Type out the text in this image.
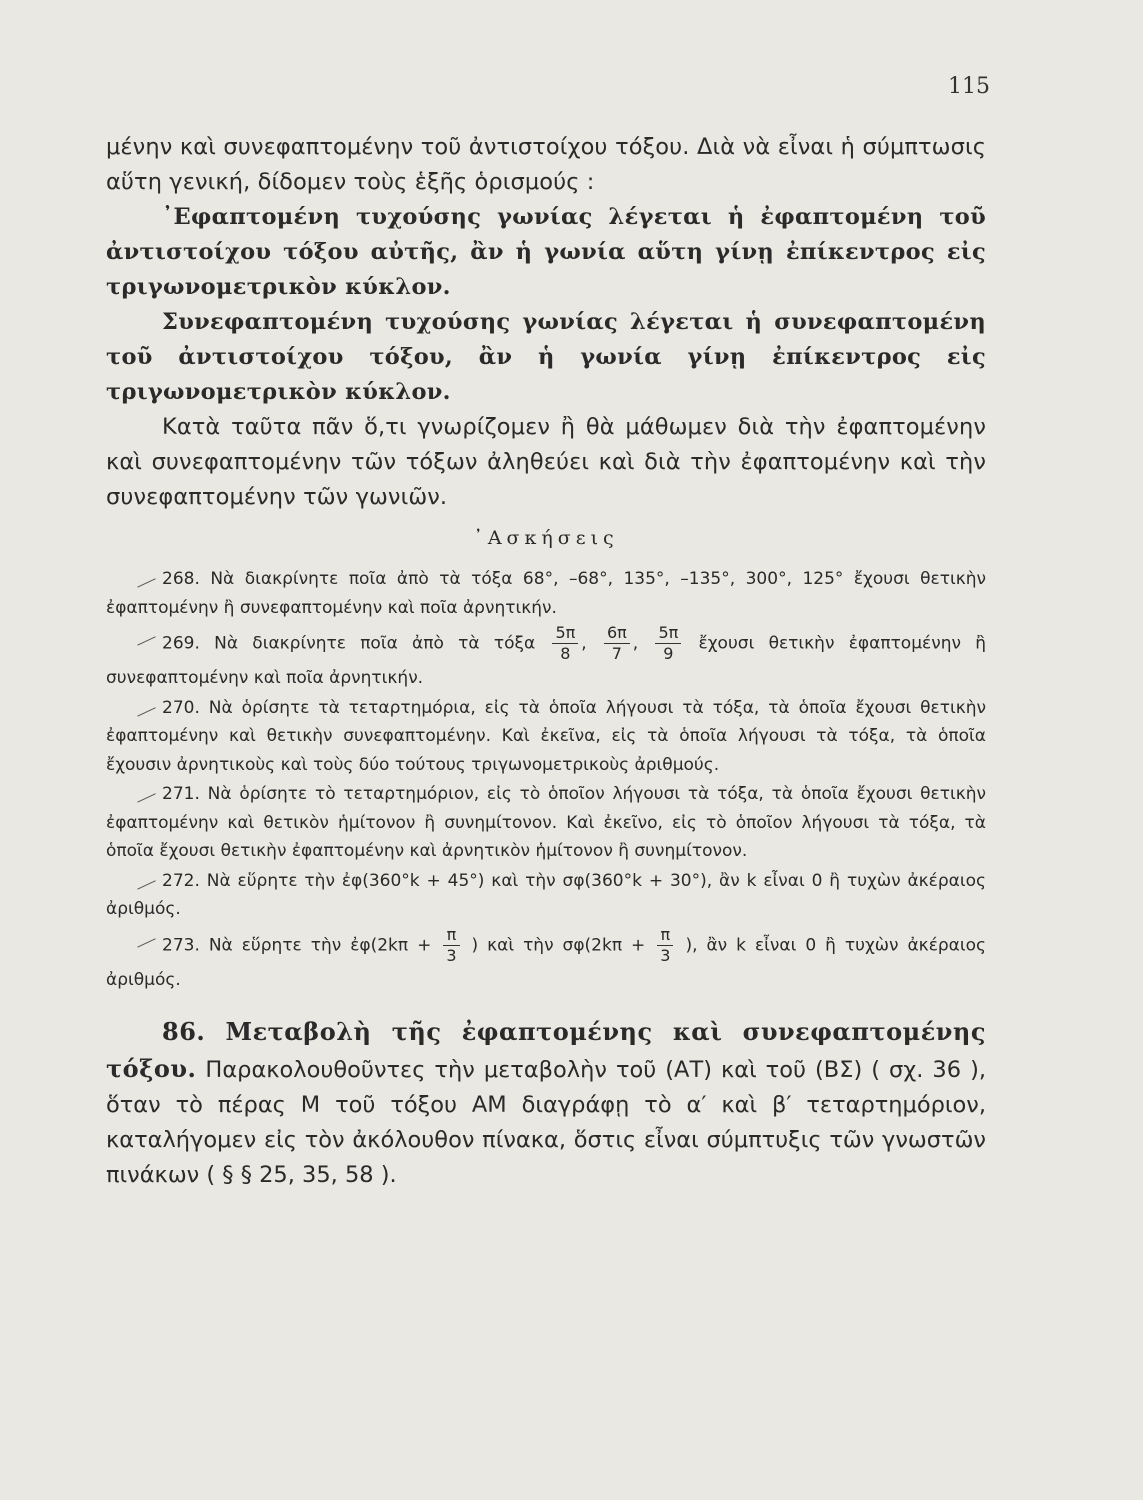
115

μένην καὶ συνεφαπτομένην τοῦ ἀντιστοίχου τόξου. Διὰ νὰ εἶναι ἡ σύμπτωσις αὕτη γενική, δίδομεν τοὺς ἑξῆς ὁρισμούς :

᾿Εφαπτομένη τυχούσης γωνίας λέγεται ἡ ἐφαπτομένη τοῦ ἀντιστοίχου τόξου αὐτῆς, ἂν ἡ γωνία αὕτη γίνῃ ἐπίκεντρος εἰς τριγωνομετρικὸν κύκλον.

Συνεφαπτομένη τυχούσης γωνίας λέγεται ἡ συνεφαπτομένη τοῦ ἀντιστοίχου τόξου, ἂν ἡ γωνία γίνῃ ἐπίκεντρος εἰς τριγωνομετρικὸν κύκλον.

Κατὰ ταῦτα πᾶν ὅ,τι γνωρίζομεν ἢ θὰ μάθωμεν διὰ τὴν ἐφαπτομένην καὶ συνεφαπτομένην τῶν τόξων ἀληθεύει καὶ διὰ τὴν ἐφαπτομένην καὶ τὴν συνεφαπτομένην τῶν γωνιῶν.

᾿Ασκήσεις

268. Νὰ διακρίνητε ποῖα ἀπὸ τὰ τόξα 68°, –68°, 135°, –135°, 300°, 125° ἔχουσι θετικὴν ἐφαπτομένην ἢ συνεφαπτομένην καὶ ποῖα ἀρνητικήν.

269. Νὰ διακρίνητε ποῖα ἀπὸ τὰ τόξα $\frac{5\pi}{8}$ , $\frac{6\pi}{7}$ , $\frac{5\pi}{9}$ ἔχουσι θετικὴν ἐφαπτομένην ἢ συνεφαπτομένην καὶ ποῖα ἀρνητικήν.

270. Νὰ ὁρίσητε τὰ τεταρτημόρια, εἰς τὰ ὁποῖα λήγουσι τὰ τόξα, τὰ ὁποῖα ἔχουσι θετικὴν ἐφαπτομένην καὶ θετικὴν συνεφαπτομένην. Καὶ ἐκεῖνα, εἰς τὰ ὁποῖα λήγουσι τὰ τόξα, τὰ ὁποῖα ἔχουσιν ἀρνητικοὺς καὶ τοὺς δύο τούτους τριγωνομετρικοὺς ἀριθμούς.

271. Νὰ ὁρίσητε τὸ τεταρτημόριον, εἰς τὸ ὁποῖον λήγουσι τὰ τόξα, τὰ ὁποῖα ἔχουσι θετικὴν ἐφαπτομένην καὶ θετικὸν ἡμίτονον ἢ συνημίτονον. Καὶ ἐκεῖνο, εἰς τὸ ὁποῖον λήγουσι τὰ τόξα, τὰ ὁποῖα ἔχουσι θετικὴν ἐφαπτομένην καὶ ἀρνητικὸν ἡμίτονον ἢ συνημίτονον.

272. Νὰ εὕρητε τὴν ἐφ(360°k + 45°) καὶ τὴν σφ(360°k + 30°), ἂν k εἶναι 0 ἢ τυχὼν ἀκέραιος ἀριθμός.

273. Νὰ εὕρητε τὴν ἐφ(2kπ + $\frac{\pi}{3}$ ) καὶ τὴν $\sigma\varphi(2k\pi + \frac{\pi}{3}$ ), ἂν k εἶναι 0 ἢ τυχὼν ἀκέραιος ἀριθμός.

86. Μεταβολὴ τῆς ἐφαπτομένης καὶ συνεφαπτομένης τόξου. Παρακολουθοῦντες τὴν μεταβολὴν τοῦ (ΑΤ) καὶ τοῦ (ΒΣ) ( σχ. 36 ), ὅταν τὸ πέρας Μ τοῦ τόξου ΑΜ διαγράφῃ τὸ α′ καὶ β′ τεταρτημόριον, καταλήγομεν εἰς τὸν ἀκόλουθον πίνακα, ὅστις εἶναι σύμπτυξις τῶν γνωστῶν πινάκων ( § § 25, 35, 58 ).
